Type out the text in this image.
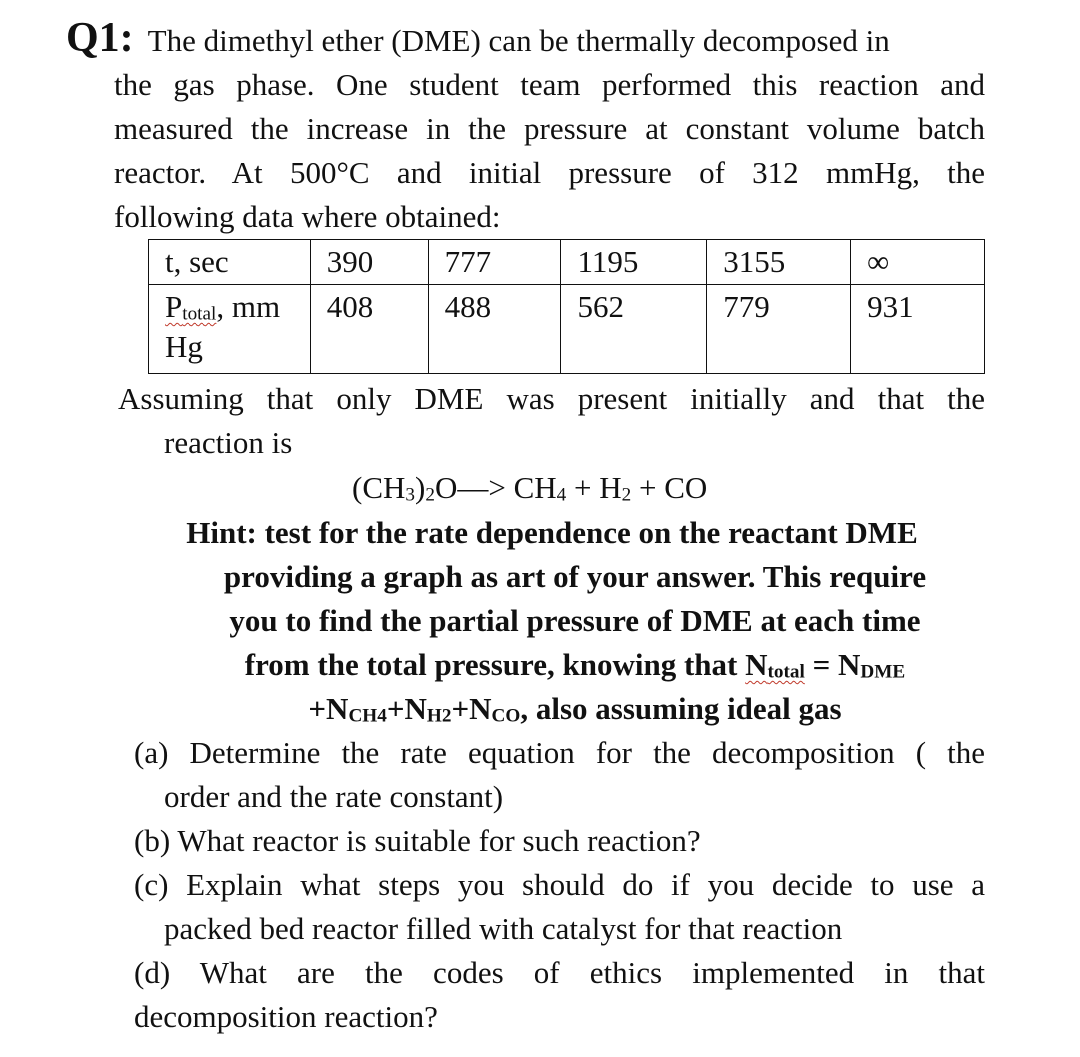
Q1: The dimethyl ether (DME) can be thermally decomposed in
the gas phase. One student team performed this reaction and
measured the increase in the pressure at constant volume batch
reactor. At 500°C and initial pressure of 312 mmHg, the
following data where obtained:
t, sec	390	777	1195	3155	∞
$P_{total}$, mm
Hg	408	488	562	779	931
Assuming that only DME was present initially and that the
reaction is
$(CH_3)_2O—> CH_4 + H_2$ + CO
Hint: test for the rate dependence on the reactant DME
providing a graph as art of your answer. This require
you to find the partial pressure of DME at each time
from the total pressure, knowing that $N_{total} = N_{DME}$
$+N_{CH4}+N_{H2}+N_{CO}$, also assuming ideal gas
(a) Determine the rate equation for the decomposition ( the
order and the rate constant)
(b) What reactor is suitable for such reaction?
(c) Explain what steps you should do if you decide to use a
packed bed reactor filled with catalyst for that reaction
(d) What are the codes of ethics implemented in that
decomposition reaction?
